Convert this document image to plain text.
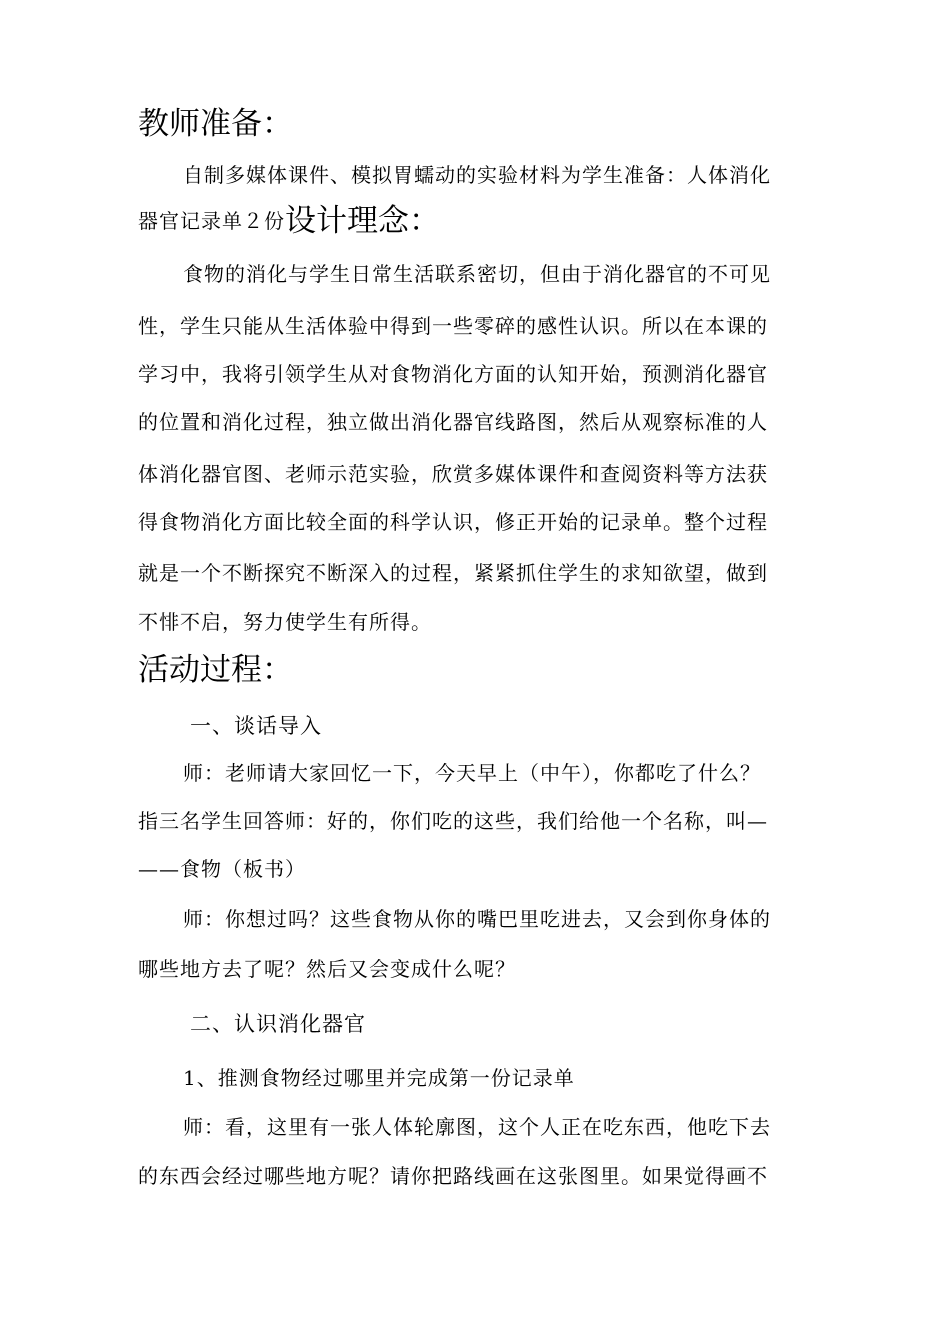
教师准备：
自制多媒体课件、模拟胃蠕动的实验材料为学生准备：人体消化
器官记录单２份设计理念：
食物的消化与学生日常生活联系密切，但由于消化器官的不可见
性，学生只能从生活体验中得到一些零碎的感性认识。所以在本课的
学习中，我将引领学生从对食物消化方面的认知开始，预测消化器官
的位置和消化过程，独立做出消化器官线路图，然后从观察标准的人
体消化器官图、老师示范实验，欣赏多媒体课件和查阅资料等方法获
得食物消化方面比较全面的科学认识，修正开始的记录单。整个过程
就是一个不断探究不断深入的过程，紧紧抓住学生的求知欲望，做到
不悱不启，努力使学生有所得。
活动过程：
一、谈话导入
师：老师请大家回忆一下，今天早上（中午），你都吃了什么？
指三名学生回答师：好的，你们吃的这些，我们给他一个名称，叫—
——食物（板书）
师：你想过吗？这些食物从你的嘴巴里吃进去，又会到你身体的
哪些地方去了呢？然后又会变成什么呢？
二、认识消化器官
1、推测食物经过哪里并完成第一份记录单
师：看，这里有一张人体轮廓图，这个人正在吃东西，他吃下去
的东西会经过哪些地方呢？请你把路线画在这张图里。如果觉得画不
